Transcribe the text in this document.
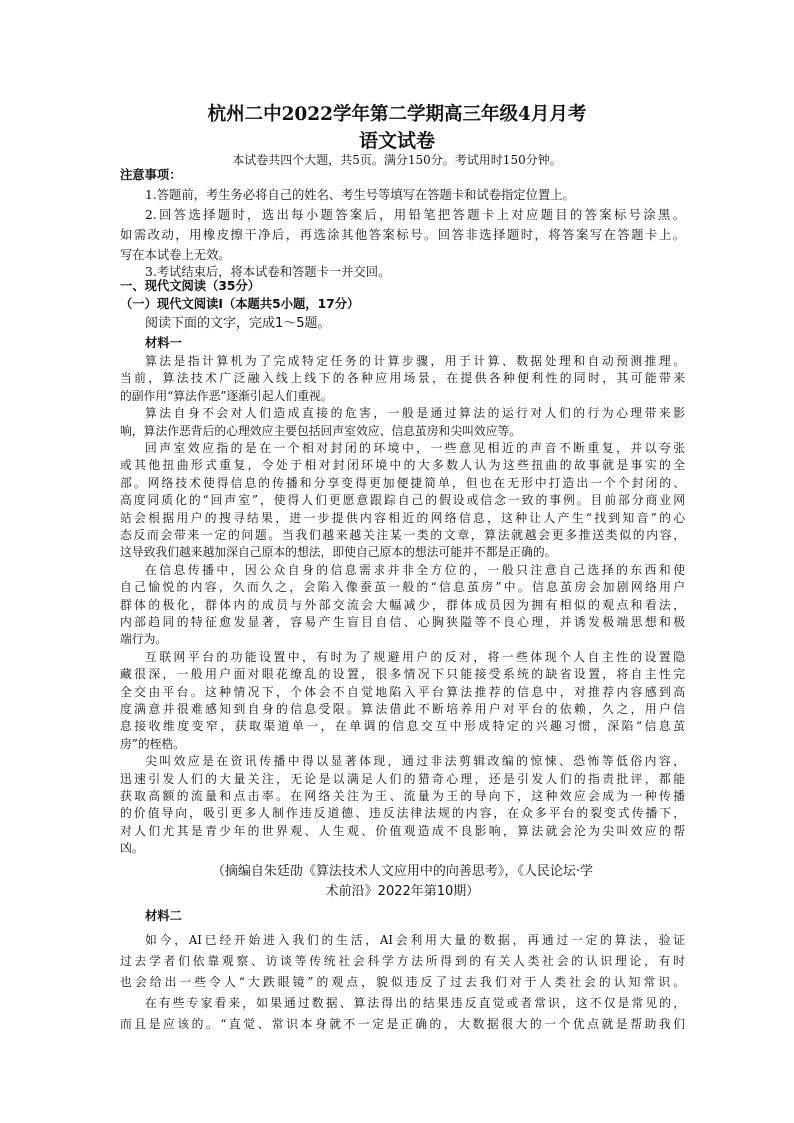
杭州二中2022学年第二学期高三年级4月月考
语文试卷
本试卷共四个大题，共5页。满分150分。考试用时150分钟。
注意事项：
1.答题前，考生务必将自己的姓名、考生号等填写在答题卡和试卷指定位置上。
2.回答选择题时，选出每小题答案后，用铅笔把答题卡上对应题目的答案标号涂黑。
如需改动，用橡皮擦干净后，再选涂其他答案标号。回答非选择题时，将答案写在答题卡上。
写在本试卷上无效。
3.考试结束后，将本试卷和答题卡一并交回。
一、现代文阅读（35分）
（一）现代文阅读Ⅰ（本题共5小题，17分）
阅读下面的文字，完成1～5题。
材料一
算法是指计算机为了完成特定任务的计算步骤，用于计算、数据处理和自动预测推理。
当前，算法技术广泛融入线上线下的各种应用场景，在提供各种便利性的同时，其可能带来
的副作用“算法作恶”逐渐引起人们重视。
算法自身不会对人们造成直接的危害，一般是通过算法的运行对人们的行为心理带来影
响，算法作恶背后的心理效应主要包括回声室效应、信息茧房和尖叫效应等。
回声室效应指的是在一个相对封闭的环境中，一些意见相近的声音不断重复，并以夸张
或其他扭曲形式重复，令处于相对封闭环境中的大多数人认为这些扭曲的故事就是事实的全
部。网络技术使得信息的传播和分享变得更加便捷简单，但也在无形中打造出一个个封闭的、
高度同质化的“回声室”，使得人们更愿意跟踪自己的假设或信念一致的事例。目前部分商业网
站会根据用户的搜寻结果，进一步提供内容相近的网络信息，这种让人产生“找到知音”的心
态反而会带来一定的问题。当我们越来越关注某一类的文章，算法就越会更多推送类似的内容，
这导致我们越来越加深自己原本的想法，即使自己原本的想法可能并不都是正确的。
在信息传播中，因公众自身的信息需求并非全方位的，一般只注意自己选择的东西和使
自己愉悦的内容，久而久之，会陷入像蚕茧一般的“信息茧房”中。信息茧房会加剧网络用户
群体的极化，群体内的成员与外部交流会大幅减少，群体成员因为拥有相似的观点和看法，
内部趋同的特征愈发显著，容易产生盲目自信、心胸狭隘等不良心理，并诱发极端思想和极
端行为。
互联网平台的功能设置中，有时为了规避用户的反对，将一些体现个人自主性的设置隐
藏很深，一般用户面对眼花缭乱的设置，很多情况下只能接受系统的缺省设置，将自主性完
全交由平台。这种情况下，个体会不自觉地陷入平台算法推荐的信息中，对推荐内容感到高
度满意并很难感知到自身的信息受限。算法借此不断培养用户对平台的依赖，久之，用户信
息接收维度变窄，获取渠道单一，在单调的信息交互中形成特定的兴趣习惯，深陷“信息茧
房”的桎梏。
尖叫效应是在资讯传播中得以显著体现，通过非法剪辑改编的惊悚、恐怖等低俗内容，
迅速引发人们的大量关注，无论是以满足人们的猎奇心理，还是引发人们的指责批评，都能
获取高额的流量和点击率。在网络关注为王、流量为王的导向下，这种效应会成为一种传播
的价值导向，吸引更多人制作违反道德、违反法律法规的内容，在众多平台的裂变式传播下，
对人们尤其是青少年的世界观、人生观、价值观造成不良影响，算法就会沦为尖叫效应的帮
凶。
（摘编自朱廷劭《算法技术人文应用中的向善思考》，《人民论坛·学
术前沿》2022年第10期）
材料二
如今，AI已经开始进入我们的生活，AI会利用大量的数据，再通过一定的算法，验证
过去学者们依靠观察、访谈等传统社会科学方法所得到的有关人类社会的认识理论，有时
也会给出一些令人“大跌眼镜”的观点，貌似违反了过去我们对于人类社会的认知常识。
在有些专家看来，如果通过数据、算法得出的结果违反直觉或者常识，这不仅是常见的，
而且是应该的。“直觉、常识本身就不一定是正确的，大数据很大的一个优点就是帮助我们
